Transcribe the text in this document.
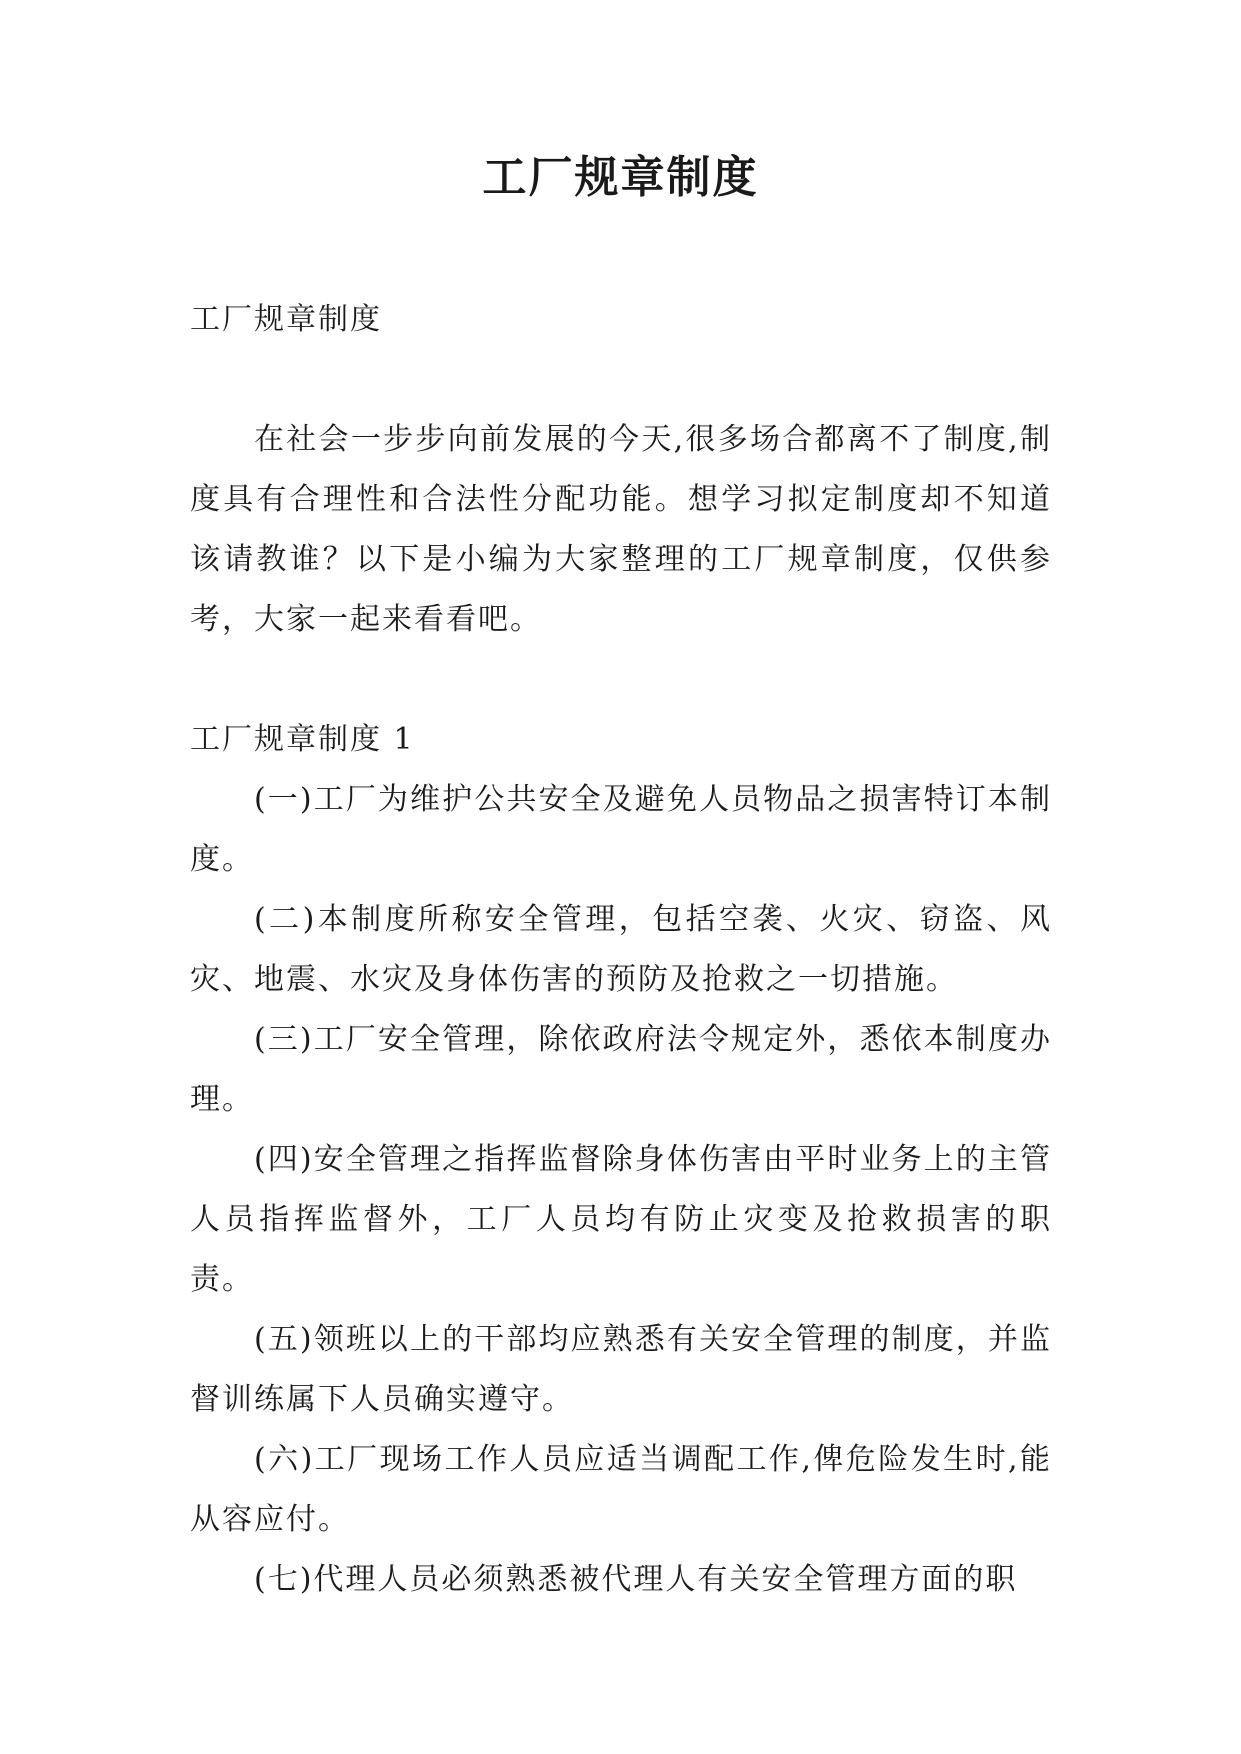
工厂规章制度

工厂规章制度

在社会一步步向前发展的今天,很多场合都离不了制度,制度具有合理性和合法性分配功能。想学习拟定制度却不知道该请教谁？以下是小编为大家整理的工厂规章制度，仅供参考，大家一起来看看吧。

工厂规章制度 1

(一)工厂为维护公共安全及避免人员物品之损害特订本制度。

(二)本制度所称安全管理，包括空袭、火灾、窃盗、风灾、地震、水灾及身体伤害的预防及抢救之一切措施。

(三)工厂安全管理，除依政府法令规定外，悉依本制度办理。

(四)安全管理之指挥监督除身体伤害由平时业务上的主管人员指挥监督外，工厂人员均有防止灾变及抢救损害的职责。

(五)领班以上的干部均应熟悉有关安全管理的制度，并监督训练属下人员确实遵守。

(六)工厂现场工作人员应适当调配工作,俾危险发生时,能从容应付。

(七)代理人员必须熟悉被代理人有关安全管理方面的职
